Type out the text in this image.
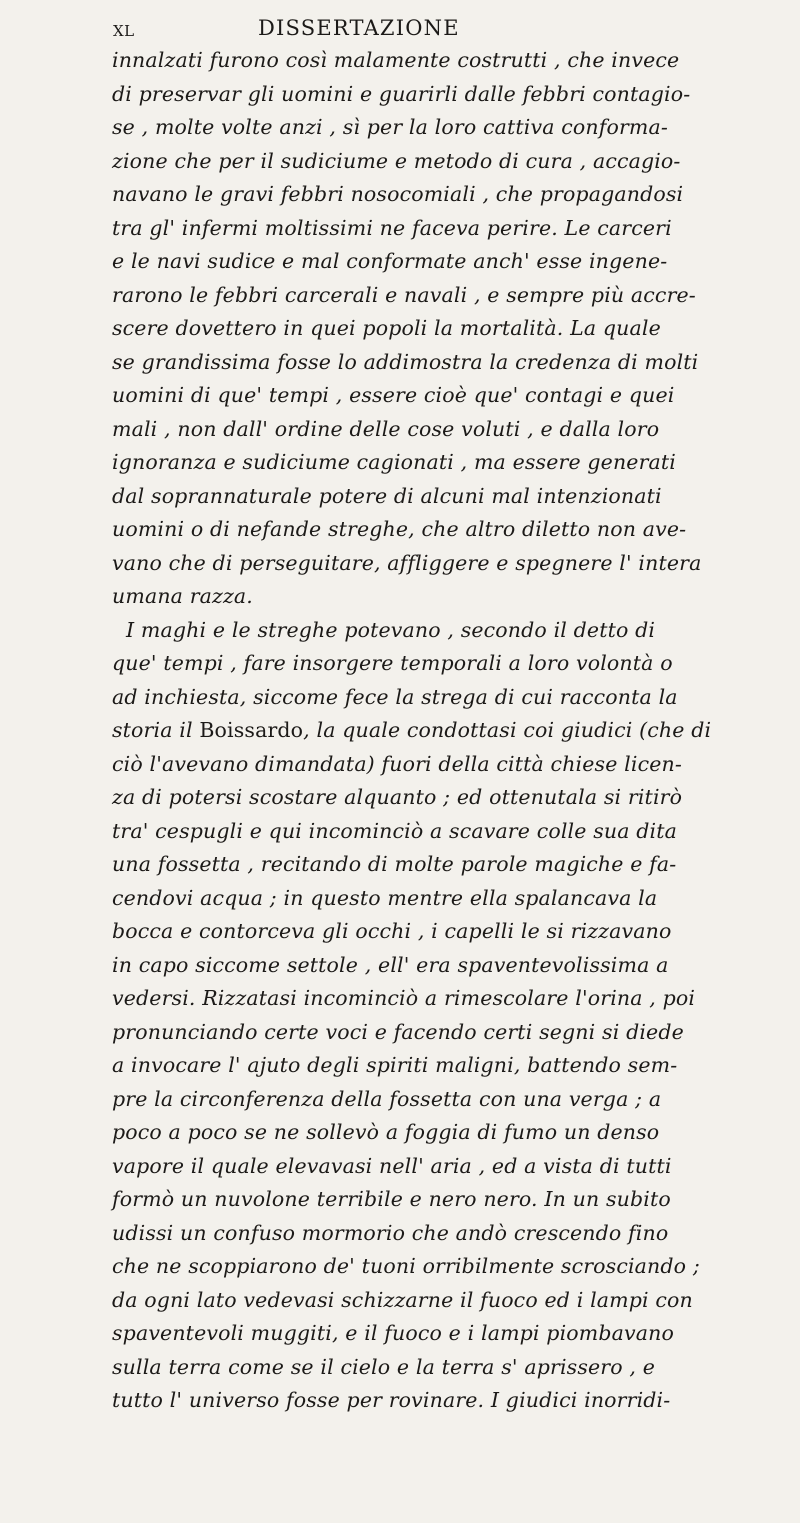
XL	DISSERTAZIONE
innalzati furono così malamente costrutti , che invece
di preservar gli uomini e guarirli dalle febbri contagio-
se , molte volte anzi , sì per la loro cattiva conforma-
zione che per il sudiciume e metodo di cura , accagio-
navano le gravi febbri nosocomiali , che propagandosi
tra gl' infermi moltissimi ne faceva perire. Le carceri
e le navi sudice e mal conformate anch' esse ingene-
rarono le febbri carcerali e navali , e sempre più accre-
scere dovettero in quei popoli la mortalità. La quale
se grandissima fosse lo addimostra la credenza di molti
uomini di que' tempi , essere cioè que' contagi e quei
mali , non dall' ordine delle cose voluti , e dalla loro
ignoranza e sudiciume cagionati , ma essere generati
dal soprannaturale potere di alcuni mal intenzionati
uomini o di nefande streghe, che altro diletto non ave-
vano che di perseguitare, affliggere e spegnere l' intera
umana razza.
I maghi e le streghe potevano , secondo il detto di
que' tempi , fare insorgere temporali a loro volontà o
ad inchiesta, siccome fece la strega di cui racconta la
storia il Boissardo, la quale condottasi coi giudici (che di
ciò l'avevano dimandata) fuori della città chiese licen-
za di potersi scostare alquanto ; ed ottenutala si ritirò
tra' cespugli e qui incominciò a scavare colle sua dita
una fossetta , recitando di molte parole magiche e fa-
cendovi acqua ; in questo mentre ella spalancava la
bocca e contorceva gli occhi , i capelli le si rizzavano
in capo siccome settole , ell' era spaventevolissima a
vedersi. Rizzatasi incominciò a rimescolare l'orina , poi
pronunciando certe voci e facendo certi segni si diede
a invocare l' ajuto degli spiriti maligni, battendo sem-
pre la circonferenza della fossetta con una verga ; a
poco a poco se ne sollevò a foggia di fumo un denso
vapore il quale elevavasi nell' aria , ed a vista di tutti
formò un nuvolone terribile e nero nero. In un subito
udissi un confuso mormorio che andò crescendo fino
che ne scoppiarono de' tuoni orribilmente scrosciando ;
da ogni lato vedevasi schizzarne il fuoco ed i lampi con
spaventevoli muggiti, e il fuoco e i lampi piombavano
sulla terra come se il cielo e la terra s' aprissero , e
tutto l' universo fosse per rovinare. I giudici inorridi-
